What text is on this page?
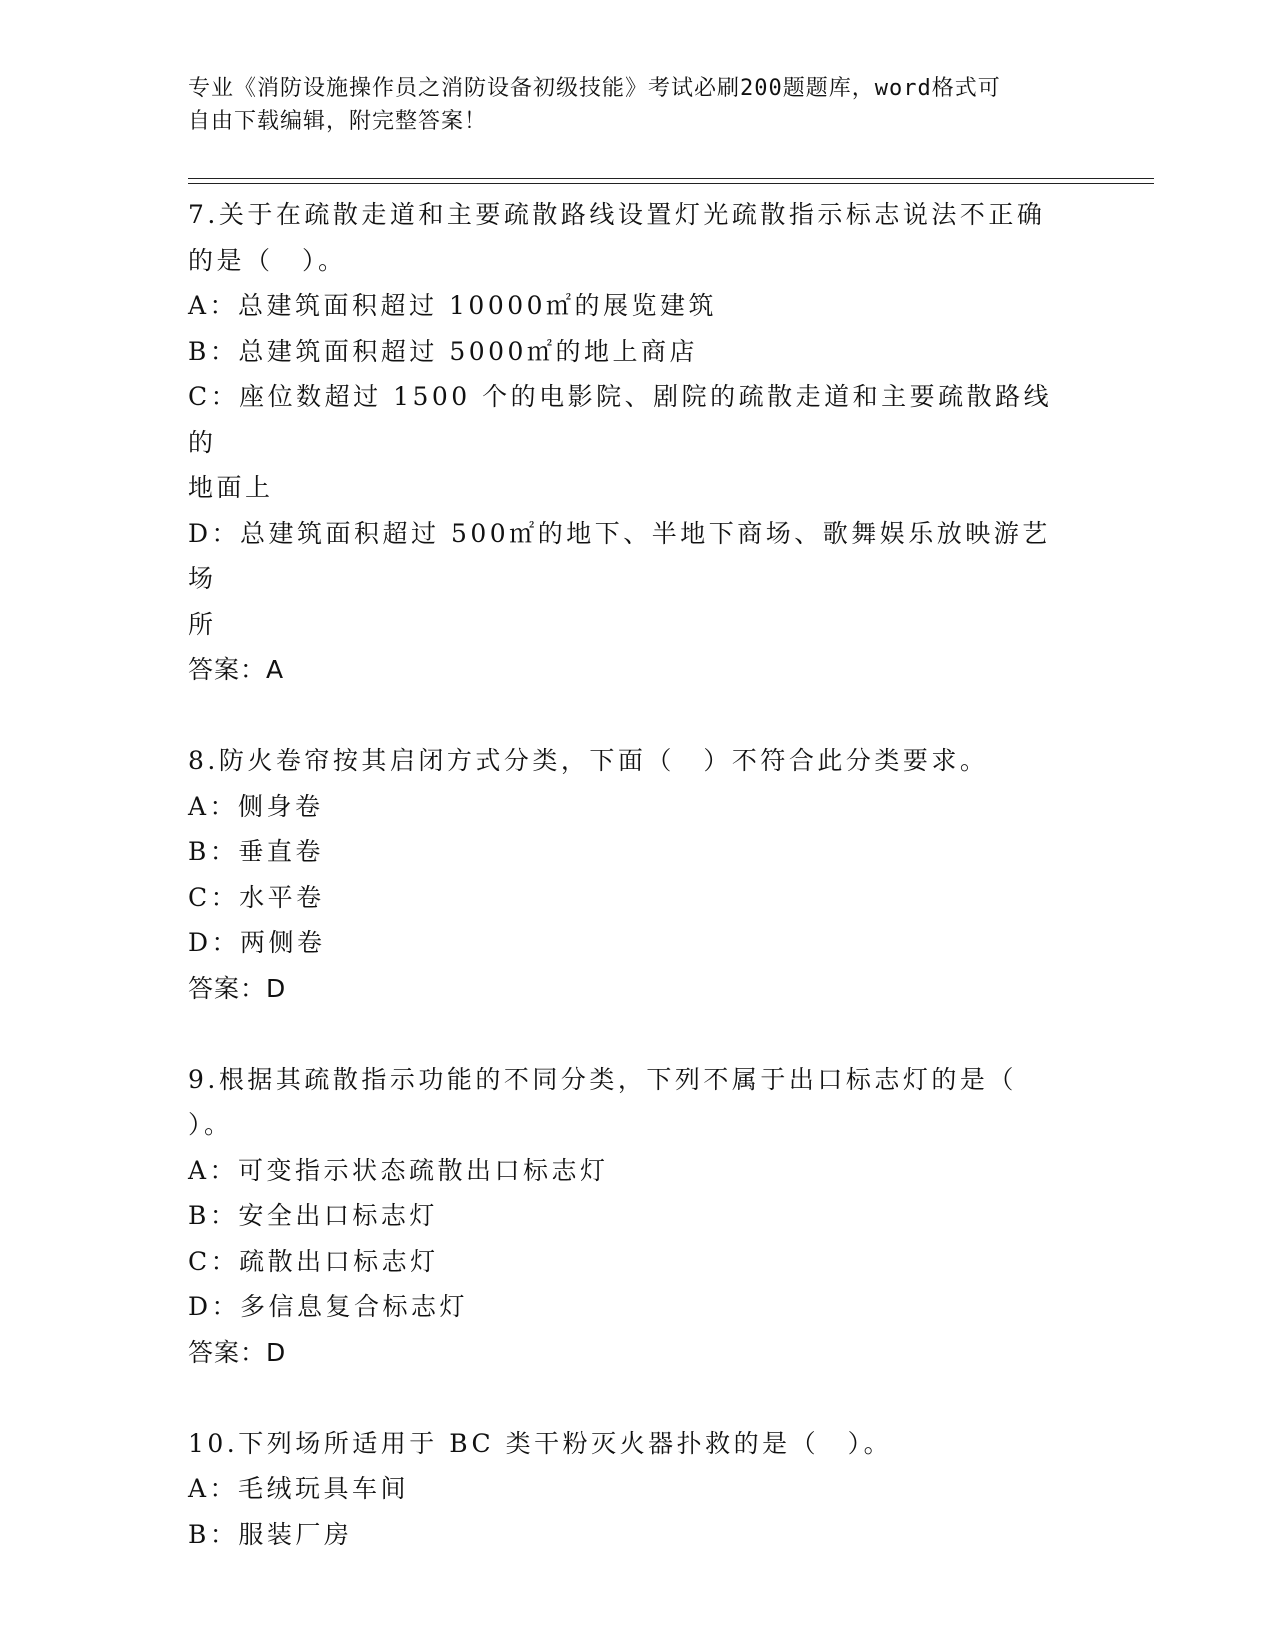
专业《消防设施操作员之消防设备初级技能》考试必刷200题题库，word格式可
自由下载编辑，附完整答案！
7.关于在疏散走道和主要疏散路线设置灯光疏散指示标志说法不正确
的是（　）。
A：总建筑面积超过 10000㎡的展览建筑
B：总建筑面积超过 5000㎡的地上商店
C：座位数超过 1500 个的电影院、剧院的疏散走道和主要疏散路线的
地面上
D：总建筑面积超过 500㎡的地下、半地下商场、歌舞娱乐放映游艺场
所
答案：A
8.防火卷帘按其启闭方式分类，下面（　）不符合此分类要求。
A：侧身卷
B：垂直卷
C：水平卷
D：两侧卷
答案：D
9.根据其疏散指示功能的不同分类，下列不属于出口标志灯的是（
）。
A：可变指示状态疏散出口标志灯
B：安全出口标志灯
C：疏散出口标志灯
D：多信息复合标志灯
答案：D
10.下列场所适用于 BC 类干粉灭火器扑救的是（　）。
A：毛绒玩具车间
B：服装厂房
